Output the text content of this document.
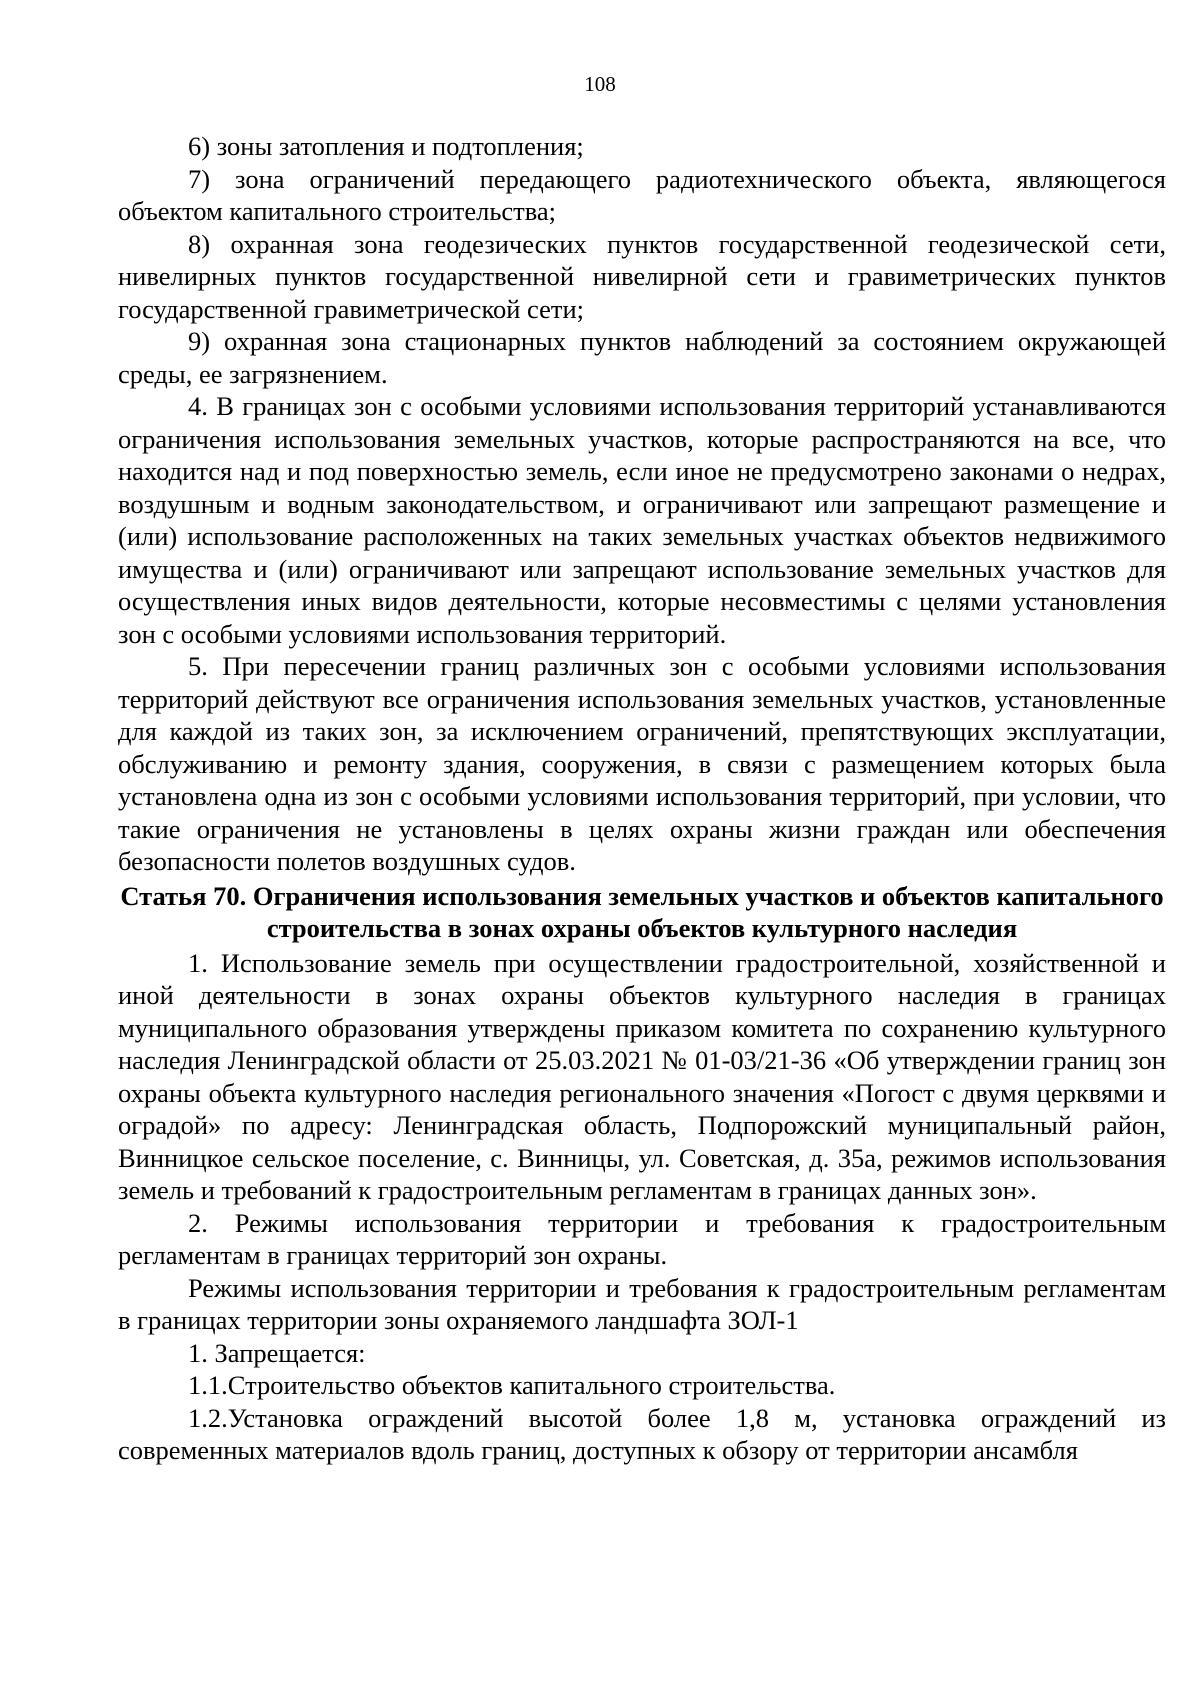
108

6) зоны затопления и подтопления;

7) зона ограничений передающего радиотехнического объекта, являющегося объектом капитального строительства;

8) охранная зона геодезических пунктов государственной геодезической сети, нивелирных пунктов государственной нивелирной сети и гравиметрических пунктов государственной гравиметрической сети;

9) охранная зона стационарных пунктов наблюдений за состоянием окружающей среды, ее загрязнением.

4. В границах зон с особыми условиями использования территорий устанавливаются ограничения использования земельных участков, которые распространяются на все, что находится над и под поверхностью земель, если иное не предусмотрено законами о недрах, воздушным и водным законодательством, и ограничивают или запрещают размещение и (или) использование расположенных на таких земельных участках объектов недвижимого имущества и (или) ограничивают или запрещают использование земельных участков для осуществления иных видов деятельности, которые несовместимы с целями установления зон с особыми условиями использования территорий.

5. При пересечении границ различных зон с особыми условиями использования территорий действуют все ограничения использования земельных участков, установленные для каждой из таких зон, за исключением ограничений, препятствующих эксплуатации, обслуживанию и ремонту здания, сооружения, в связи с размещением которых была установлена одна из зон с особыми условиями использования территорий, при условии, что такие ограничения не установлены в целях охраны жизни граждан или обеспечения безопасности полетов воздушных судов.

Статья 70. Ограничения использования земельных участков и объектов капитального строительства в зонах охраны объектов культурного наследия

1. Использование земель при осуществлении градостроительной, хозяйственной и иной деятельности в зонах охраны объектов культурного наследия в границах муниципального образования утверждены приказом комитета по сохранению культурного наследия Ленинградской области от 25.03.2021 № 01-03/21-36 «Об утверждении границ зон охраны объекта культурного наследия регионального значения «Погост с двумя церквями и оградой» по адресу: Ленинградская область, Подпорожский муниципальный район, Винницкое сельское поселение, с. Винницы, ул. Советская, д. 35а, режимов использования земель и требований к градостроительным регламентам в границах данных зон».

2. Режимы использования территории и требования к градостроительным регламентам в границах территорий зон охраны.

Режимы использования территории и требования к градостроительным регламентам в границах территории зоны охраняемого ландшафта ЗОЛ-1

1. Запрещается:

1.1.Строительство объектов капитального строительства.

1.2.Установка ограждений высотой более 1,8 м, установка ограждений из современных материалов вдоль границ, доступных к обзору от территории ансамбля
